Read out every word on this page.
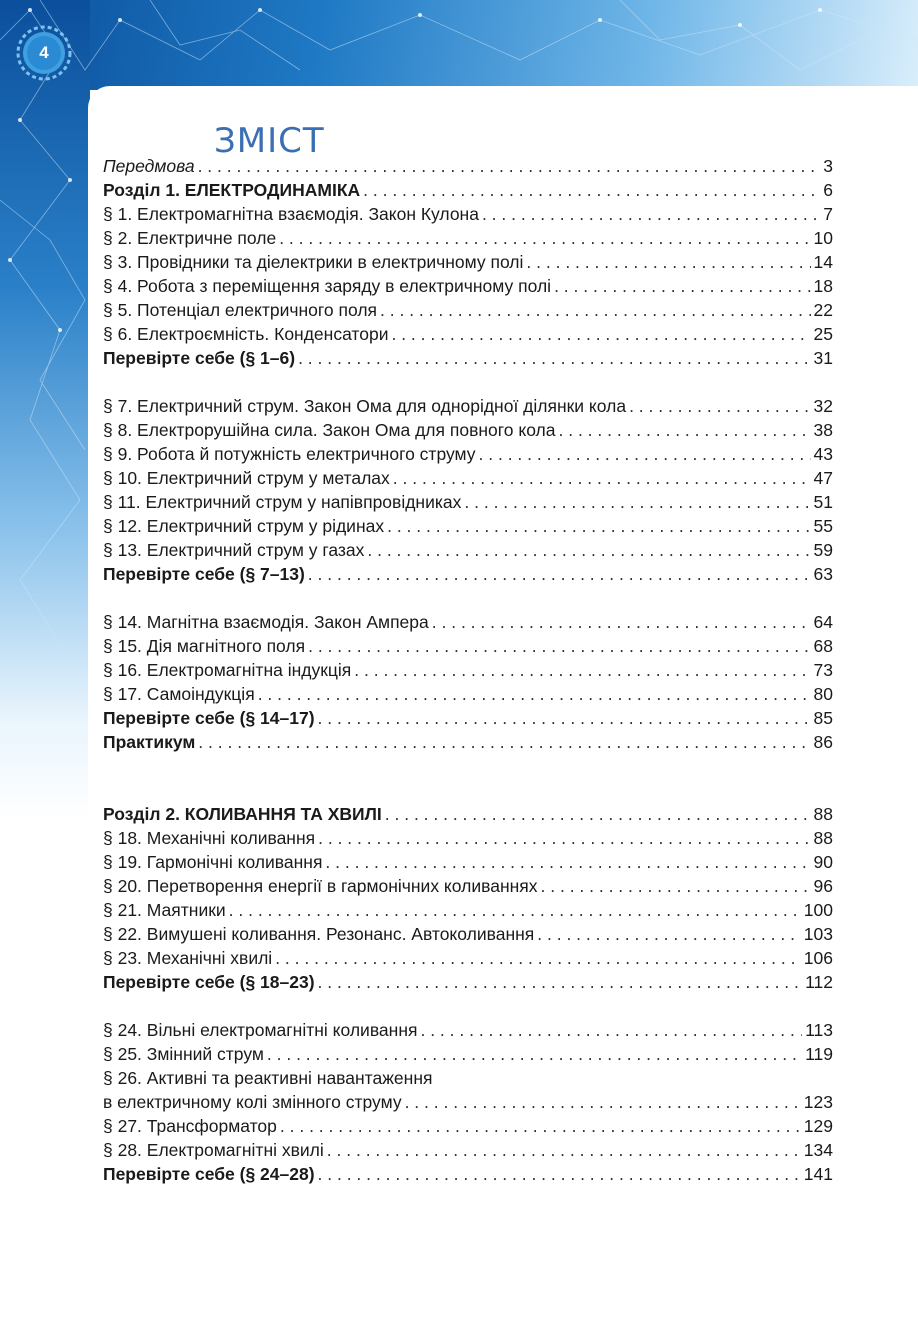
4
ЗМІСТ
Передмова . . .	3
Розділ 1. ЕЛЕКТРОДИНАМІКА . . .	6
§ 1. Електромагнітна взаємодія. Закон Кулона . . .	7
§ 2. Електричне поле . . .	10
§ 3. Провідники та діелектрики в електричному полі . . .	14
§ 4. Робота з переміщення заряду в електричному полі . . .	18
§ 5. Потенціал електричного поля . . .	22
§ 6. Електроємність. Конденсатори . . .	25
Перевірте себе (§ 1–6) . . .	31
§ 7. Електричний струм. Закон Ома для однорідної ділянки кола . . .	32
§ 8. Електрорушійна сила. Закон Ома для повного кола . . .	38
§ 9. Робота й потужність електричного струму . . .	43
§ 10. Електричний струм у металах . . .	47
§ 11. Електричний струм у напівпровідниках . . .	51
§ 12. Електричний струм у рідинах . . .	55
§ 13. Електричний струм у газах . . .	59
Перевірте себе (§ 7–13) . . .	63
§ 14. Магнітна взаємодія. Закон Ампера . . .	64
§ 15. Дія магнітного поля . . .	68
§ 16. Електромагнітна індукція . . .	73
§ 17. Самоіндукція . . .	80
Перевірте себе (§ 14–17) . . .	85
Практикум . . .	86
Розділ 2. КОЛИВАННЯ ТА ХВИЛІ . . .	88
§ 18. Механічні коливання . . .	88
§ 19. Гармонічні коливання . . .	90
§ 20. Перетворення енергії в гармонічних коливаннях . . .	96
§ 21. Маятники . . .	100
§ 22. Вимушені коливання. Резонанс. Автоколивання . . .	103
§ 23. Механічні хвилі . . .	106
Перевірте себе (§ 18–23) . . .	112
§ 24. Вільні електромагнітні коливання . . .	113
§ 25. Змінний струм . . .	119
§ 26. Активні та реактивні навантаження
в електричному колі змінного струму . . .	123
§ 27. Трансформатор . . .	129
§ 28. Електромагнітні хвилі . . .	134
Перевірте себе (§ 24–28) . . .	141
